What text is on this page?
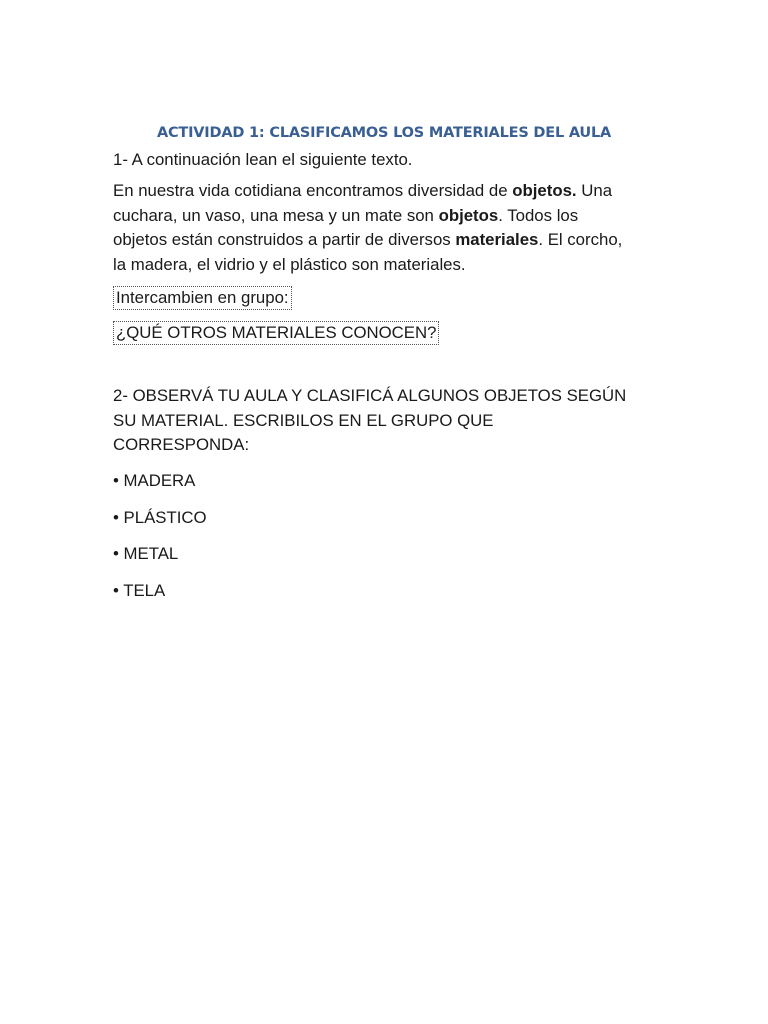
ACTIVIDAD 1: CLASIFICAMOS LOS MATERIALES DEL AULA
1- A continuación lean el siguiente texto.
En nuestra vida cotidiana encontramos diversidad de objetos. Una
cuchara, un vaso, una mesa y un mate son objetos. Todos los
objetos están construidos a partir de diversos materiales. El corcho,
la madera, el vidrio y el plástico son materiales.
Intercambien en grupo:
¿QUÉ OTROS MATERIALES CONOCEN?
2- OBSERVÁ TU AULA Y CLASIFICÁ ALGUNOS OBJETOS SEGÚN
SU MATERIAL. ESCRIBILOS EN EL GRUPO QUE
CORRESPONDA:
• MADERA
• PLÁSTICO
• METAL
• TELA
